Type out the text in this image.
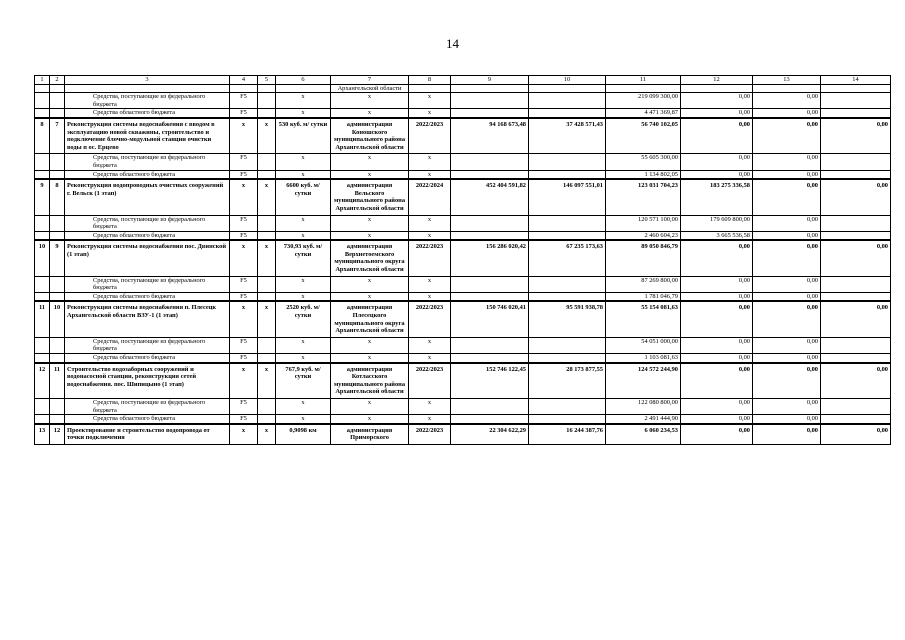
14
1	2	3	4	5	6	7	8	9	10	11	12	13	14
						Архангельской области							
		Средства, поступающие из федерального бюджета	F5		x	x	x			219 099 300,00	0,00	0,00	
		Средства областного бюджета	F5		x	x	x			4 471 369,87	0,00	0,00	
8	7	Реконструкция системы водоснабжения с вводом в эксплуатацию новой скважины, строительство и подключение блочно-модульной станции очистки воды п ос. Ерцево	x	x	530 куб. м/ сутки	администрация Коношского муниципального района Архангельской области	2022/2023	94 168 673,48	37 428 571,43	56 740 102,05	0,00	0,00	0,00
		Средства, поступающие из федерального бюджета	F5		x	x	x			55 605 300,00	0,00	0,00	
		Средства областного бюджета	F5		x	x	x			1 134 802,05	0,00	0,00	
9	8	Реконструкция водопроводных очистных сооружений г. Вельск (1 этап)	x	x	6600 куб. м/ сутки	администрация Вельского муниципального района Архангельской области	2022/2024	452 404 591,82	146 097 551,01	123 031 704,23	183 275 336,58	0,00	0,00
		Средства, поступающие из федерального бюджета	F5		x	x	x			120 571 100,00	179 609 800,00	0,00	
		Средства областного бюджета	F5		x	x	x			2 460 604,23	3 665 536,58	0,00	
10	9	Реконструкция системы водоснабжения пос. Двинской (1 этап)	x	x	730,93 куб. м/сутки	администрация Верхнетоемского муниципального округа Архангельской области	2022/2023	156 286 020,42	67 235 173,63	89 050 846,79	0,00	0,00	0,00
		Средства, поступающие из федерального бюджета	F5		x	x	x			87 269 800,00	0,00	0,00	
		Средства областного бюджета	F5		x	x	x			1 781 046,79	0,00	0,00	
11	10	Реконструкция системы водоснабжения п. Плесецк Архангельской области ВЗУ-1 (1 этап)	x	x	2520 куб. м/ сутки	администрация Плесецкого муниципального округа Архангельской области	2022/2023	150 746 020,41	95 591 938,78	55 154 081,63	0,00	0,00	0,00
		Средства, поступающие из федерального бюджета	F5		x	x	x			54 051 000,00	0,00	0,00	
		Средства областного бюджета	F5		x	x	x			1 103 081,63	0,00	0,00	
12	11	Строительство водозаборных сооружений и водонасосной станции, реконструкция сетей водоснабжения. пос. Шипицыно (1 этап)	x	x	767,9 куб. м/ сутки	администрация Котласского муниципального района Архангельской области	2022/2023	152 746 122,45	28 173 877,55	124 572 244,90	0,00	0,00	0,00
		Средства, поступающие из федерального бюджета	F5		x	x	x			122 080 800,00	0,00	0,00	
		Средства областного бюджета	F5		x	x	x			2 491 444,90	0,00	0,00	
13	12	Проектирование и строительство водопровода от точки подключения	x	x	0,9098 км	администрация Приморского	2022/2023	22 304 622,29	16 244 387,76	6 060 234,53	0,00	0,00	0,00
